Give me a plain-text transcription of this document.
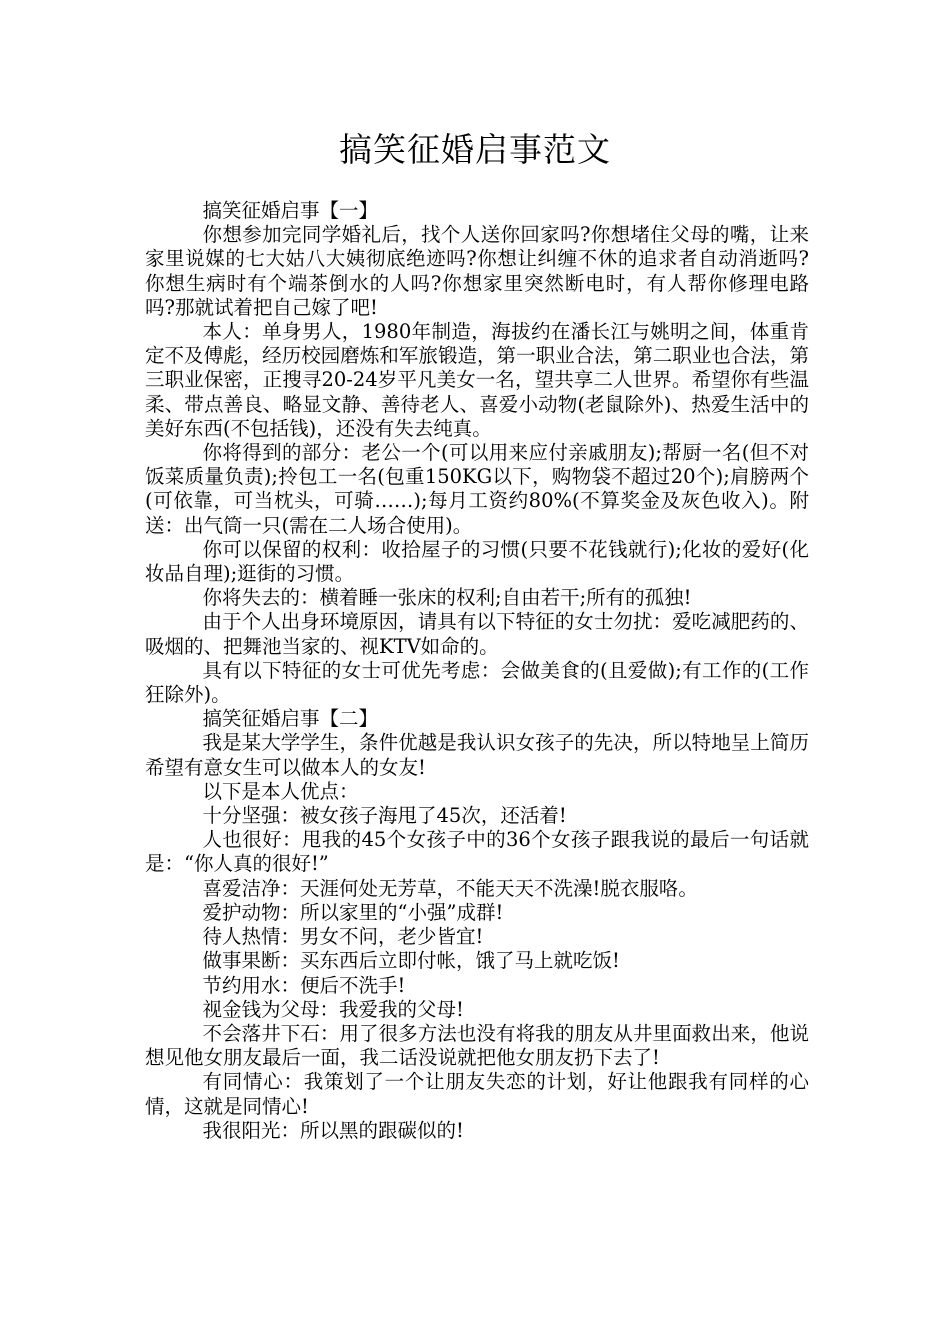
搞笑征婚启事范文

搞笑征婚启事【一】

你想参加完同学婚礼后，找个人送你回家吗?你想堵住父母的嘴，让来家里说媒的七大姑八大姨彻底绝迹吗?你想让纠缠不休的追求者自动消逝吗?你想生病时有个端茶倒水的人吗?你想家里突然断电时，有人帮你修理电路吗?那就试着把自己嫁了吧!

本人：单身男人，1980年制造，海拔约在潘长江与姚明之间，体重肯定不及傅彪，经历校园磨炼和军旅锻造，第一职业合法，第二职业也合法，第三职业保密，正搜寻20-24岁平凡美女一名，望共享二人世界。希望你有些温柔、带点善良、略显文静、善待老人、喜爱小动物(老鼠除外)、热爱生活中的美好东西(不包括钱)，还没有失去纯真。

你将得到的部分：老公一个(可以用来应付亲戚朋友);帮厨一名(但不对饭菜质量负责);拎包工一名(包重150KG以下，购物袋不超过20个);肩膀两个(可依靠，可当枕头，可骑……);每月工资约80%(不算奖金及灰色收入)。附送：出气筒一只(需在二人场合使用)。

你可以保留的权利：收拾屋子的习惯(只要不花钱就行);化妆的爱好(化妆品自理);逛街的习惯。

你将失去的：横着睡一张床的权利;自由若干;所有的孤独!

由于个人出身环境原因，请具有以下特征的女士勿扰：爱吃减肥药的、吸烟的、把舞池当家的、视KTV如命的。

具有以下特征的女士可优先考虑：会做美食的(且爱做);有工作的(工作狂除外)。

搞笑征婚启事【二】

我是某大学学生，条件优越是我认识女孩子的先决，所以特地呈上简历希望有意女生可以做本人的女友!

以下是本人优点：

十分坚强：被女孩子海甩了45次，还活着!

人也很好：甩我的45个女孩子中的36个女孩子跟我说的最后一句话就是：“你人真的很好!”

喜爱洁净：天涯何处无芳草，不能天天不洗澡!脱衣服咯。

爱护动物：所以家里的“小强”成群!

待人热情：男女不问，老少皆宜!

做事果断：买东西后立即付帐，饿了马上就吃饭!

节约用水：便后不洗手!

视金钱为父母：我爱我的父母!

不会落井下石：用了很多方法也没有将我的朋友从井里面救出来，他说想见他女朋友最后一面，我二话没说就把他女朋友扔下去了!

有同情心：我策划了一个让朋友失恋的计划，好让他跟我有同样的心情，这就是同情心!

我很阳光：所以黑的跟碳似的!
